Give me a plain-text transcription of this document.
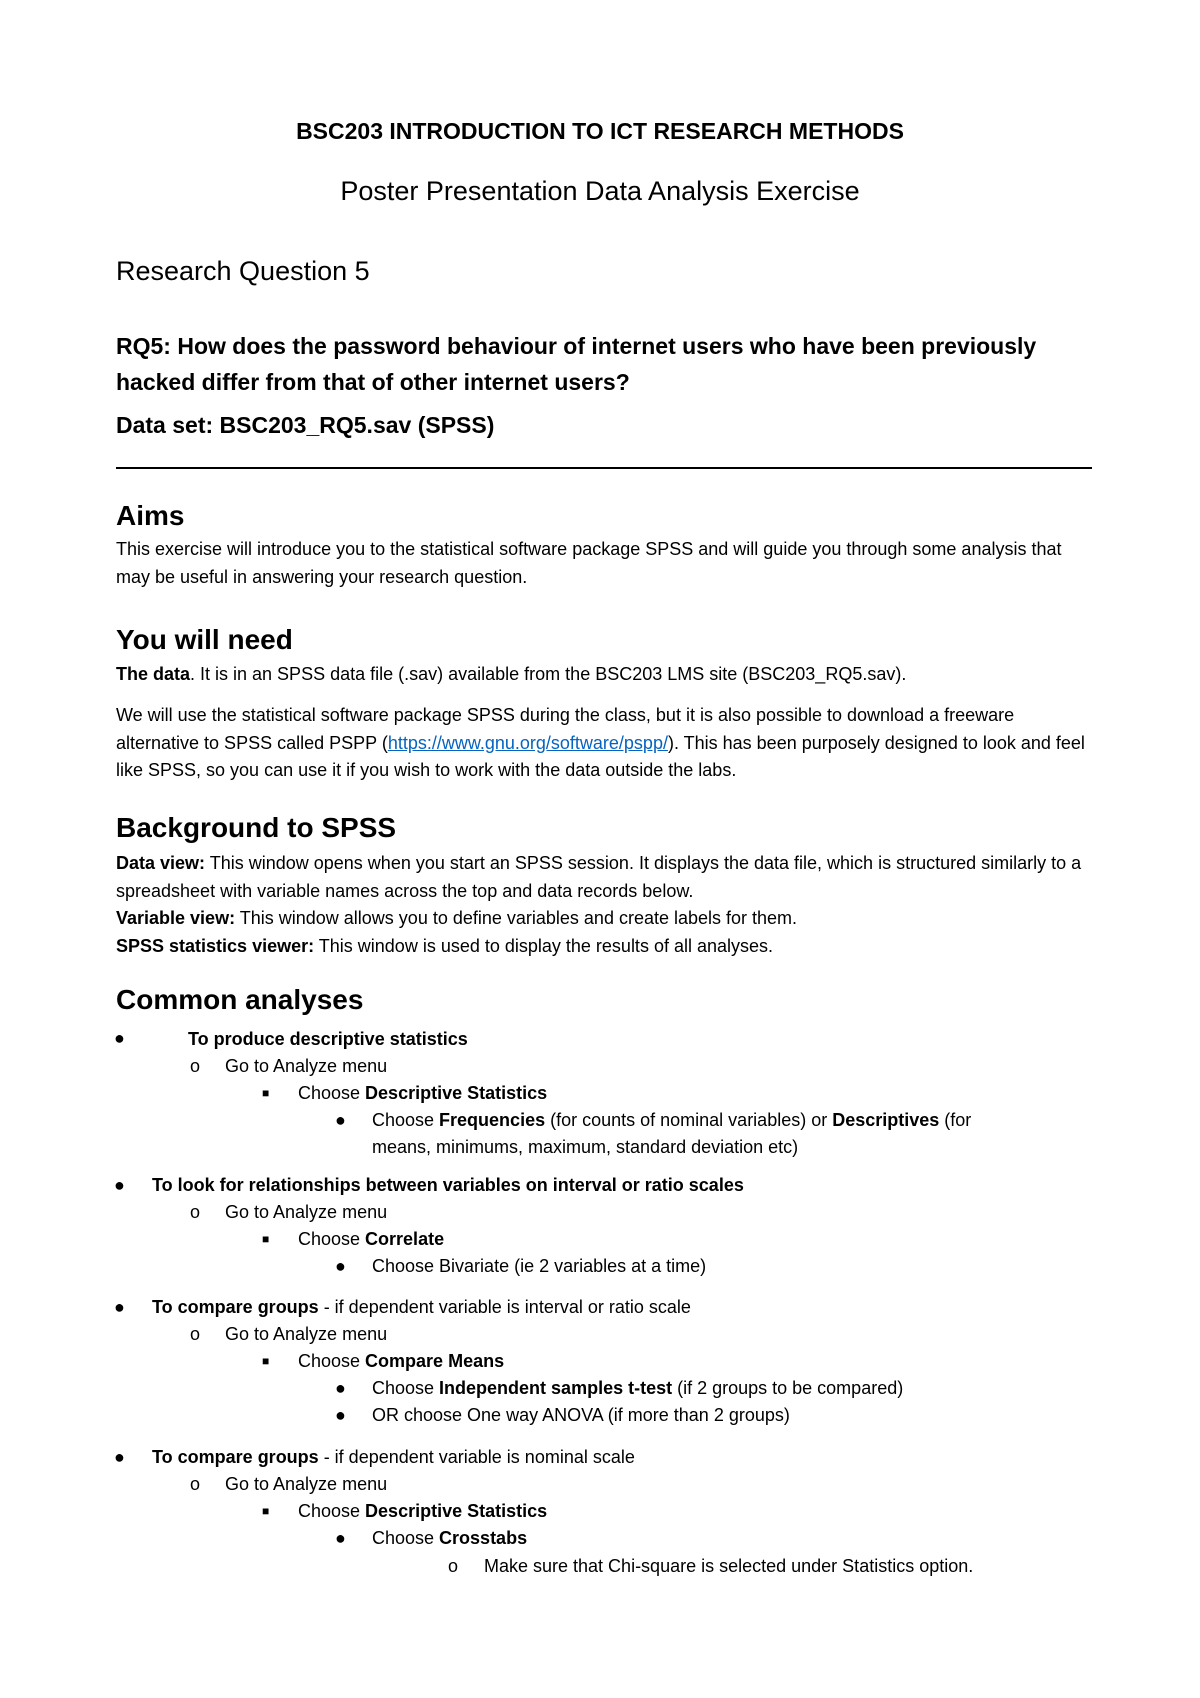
BSC203 INTRODUCTION TO ICT RESEARCH METHODS
Poster Presentation Data Analysis Exercise
Research Question 5
RQ5: How does the password behaviour of internet users who have been previously hacked differ from that of other internet users?
Data set: BSC203_RQ5.sav (SPSS)
Aims
This exercise will introduce you to the statistical software package SPSS and will guide you through some analysis that may be useful in answering your research question.
You will need
The data. It is in an SPSS data file (.sav) available from the BSC203 LMS site (BSC203_RQ5.sav).
We will use the statistical software package SPSS during the class, but it is also possible to download a freeware alternative to SPSS called PSPP (https://www.gnu.org/software/pspp/). This has been purposely designed to look and feel like SPSS, so you can use it if you wish to work with the data outside the labs.
Background to SPSS
Data view: This window opens when you start an SPSS session. It displays the data file, which is structured similarly to a spreadsheet with variable names across the top and data records below.
Variable view: This window allows you to define variables and create labels for them.
SPSS statistics viewer: This window is used to display the results of all analyses.
Common analyses
●	To produce descriptive statistics
o Go to Analyze menu
■ Choose Descriptive Statistics
● Choose Frequencies (for counts of nominal variables) or Descriptives (for
means, minimums, maximum, standard deviation etc)
● To look for relationships between variables on interval or ratio scales
o Go to Analyze menu
■ Choose Correlate
● Choose Bivariate (ie 2 variables at a time)
● To compare groups - if dependent variable is interval or ratio scale
o Go to Analyze menu
■ Choose Compare Means
● Choose Independent samples t-test (if 2 groups to be compared)
● OR choose One way ANOVA (if more than 2 groups)
● To compare groups - if dependent variable is nominal scale
o Go to Analyze menu
■ Choose Descriptive Statistics
● Choose Crosstabs
o Make sure that Chi-square is selected under Statistics option.
